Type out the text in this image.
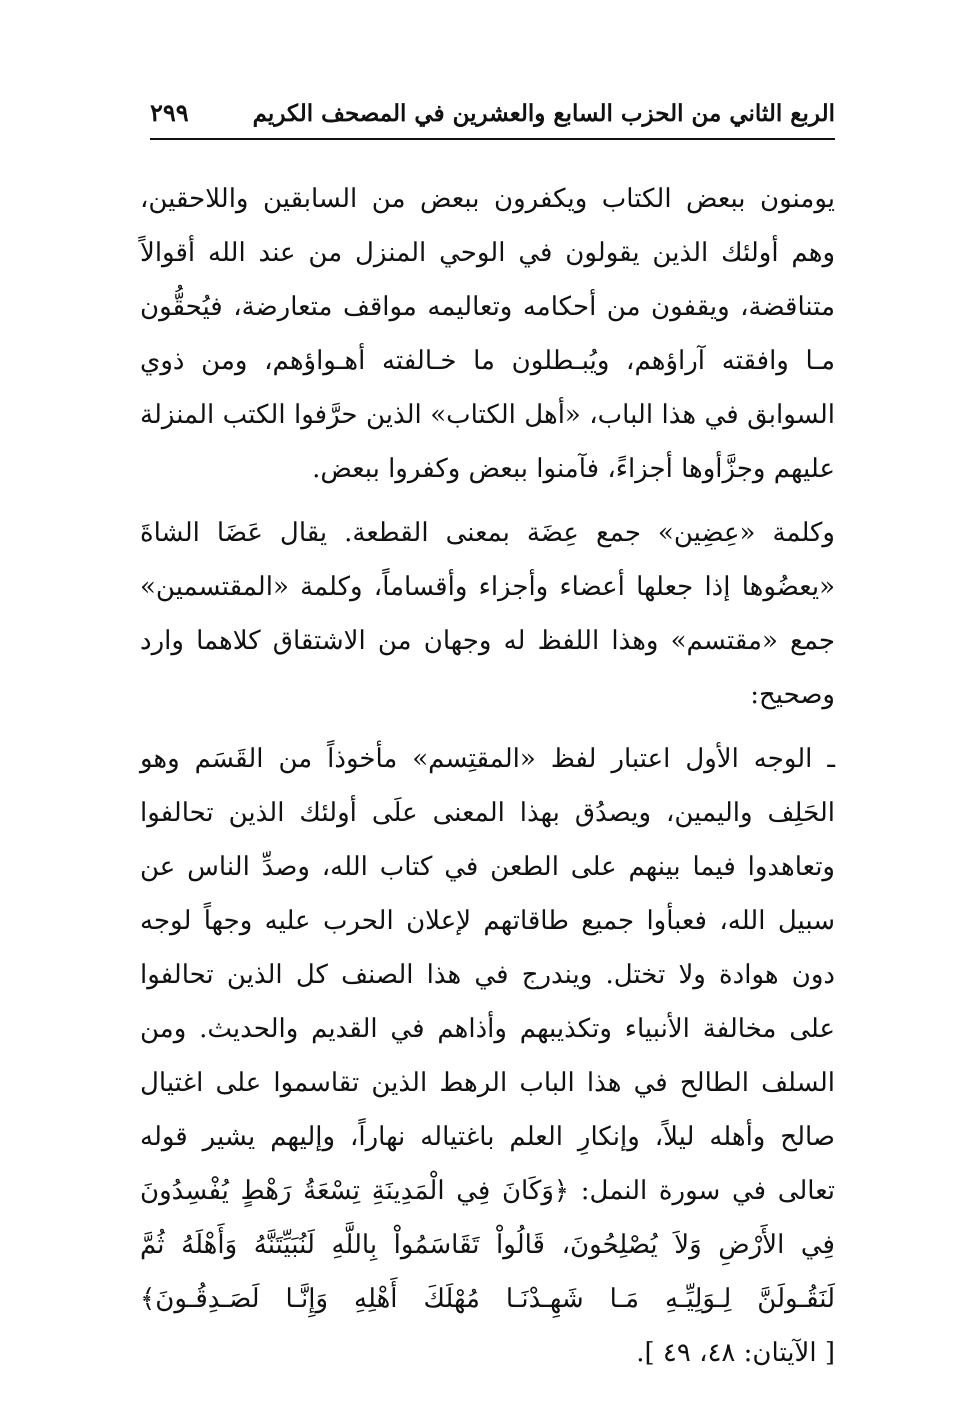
الربع الثاني من الحزب السابع والعشرين في المصحف الكريم
٢٩٩
يومنون ببعض الكتاب ويكفرون ببعض من السابقين واللاحقين،
وهم أولئك الذين يقولون في الوحي المنزل من عند الله أقوالاً
متناقضة، ويقفون من أحكامه وتعاليمه مواقف متعارضة، فيُحقُّون
مـا وافقته آراؤهم، ويُبـطلون ما خـالفته أهـواؤهم، ومن ذوي
السوابق في هذا الباب، «أهل الكتاب» الذين حرَّفوا الكتب المنزلة
عليهم وجزَّأوها أجزاءً، فآمنوا ببعض وكفروا ببعض.
وكلمة «عِضِين» جمع عِضَة بمعنى القطعة. يقال عَضَا الشاةَ
«يعضُوها إذا جعلها أعضاء وأجزاء وأقساماً، وكلمة «المقتسمين»
جمع «مقتسم» وهذا اللفظ له وجهان من الاشتقاق كلاهما وارد
وصحيح:
ـ الوجه الأول اعتبار لفظ «المقتِسم» مأخوذاً من القَسَم وهو
الحَلِف واليمين، ويصدُق بهذا المعنى علَى أولئك الذين تحالفوا
وتعاهدوا فيما بينهم على الطعن في كتاب الله، وصدِّ الناس عن
سبيل الله، فعبأوا جميع طاقاتهم لإعلان الحرب عليه وجهاً لوجه
دون هوادة ولا تختل. ويندرج في هذا الصنف كل الذين تحالفوا
على مخالفة الأنبياء وتكذيبهم وأذاهم في القديم والحديث. ومن
السلف الطالح في هذا الباب الرهط الذين تقاسموا على اغتيال
صالح وأهله ليلاً، وإنكارِ العلم باغتياله نهاراً، وإليهم يشير قوله
تعالى في سورة النمل: ﴿وَكَانَ فِي الْمَدِينَةِ تِسْعَةُ رَهْطٍ يُفْسِدُونَ
فِي الأَرْضِ وَلاَ يُصْلِحُونَ، قَالُواْ تَقَاسَمُواْ بِاللَّهِ لَنُبَيِّتَنَّهُ وَأَهْلَهُ ثُمَّ
لَنَقُـولَنَّ لِـوَلِيِّـهِ مَـا شَهِـدْنَـا مُهْلَكَ أَهْلِهِ وَإِنَّـا لَصَـدِقُـونَ﴾
[ الآيتان: ٤٨، ٤٩ ].
